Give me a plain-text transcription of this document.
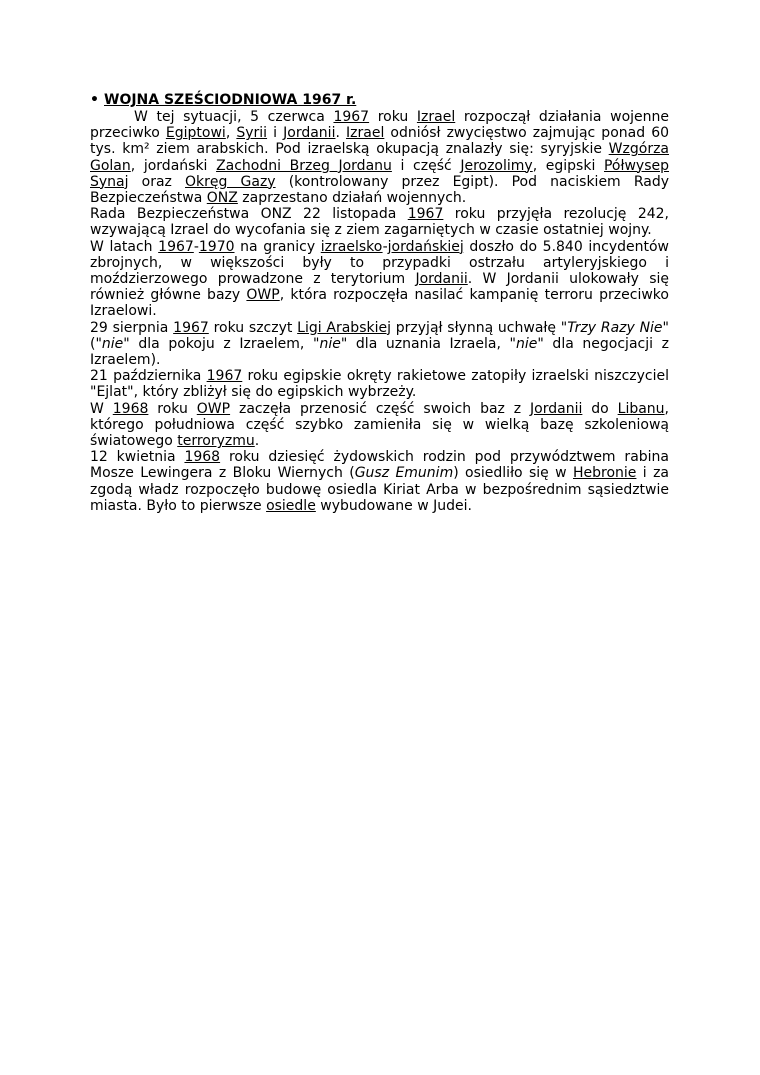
• WOJNA SZEŚCIODNIOWA 1967 r.

W tej sytuacji, 5 czerwca 1967 roku Izrael rozpoczął działania wojenne przeciwko Egiptowi, Syrii i Jordanii. Izrael odniósł zwycięstwo zajmując ponad 60 tys. km² ziem arabskich. Pod izraelską okupacją znalazły się: syryjskie Wzgórza Golan, jordański Zachodni Brzeg Jordanu i część Jerozolimy, egipski Półwysep Synaj oraz Okręg Gazy (kontrolowany przez Egipt). Pod naciskiem Rady Bezpieczeństwa ONZ zaprzestano działań wojennych.

Rada Bezpieczeństwa ONZ 22 listopada 1967 roku przyjęła rezolucję 242, wzywającą Izrael do wycofania się z ziem zagarniętych w czasie ostatniej wojny.

W latach 1967-1970 na granicy izraelsko-jordańskiej doszło do 5.840 incydentów zbrojnych, w większości były to przypadki ostrzału artyleryjskiego i moździerzowego prowadzone z terytorium Jordanii. W Jordanii ulokowały się również główne bazy OWP, która rozpoczęła nasilać kampanię terroru przeciwko Izraelowi.

29 sierpnia 1967 roku szczyt Ligi Arabskiej przyjął słynną uchwałę "Trzy Razy Nie" ("nie" dla pokoju z Izraelem, "nie" dla uznania Izraela, "nie" dla negocjacji z Izraelem).

21 października 1967 roku egipskie okręty rakietowe zatopiły izraelski niszczyciel "Ejlat", który zbliżył się do egipskich wybrzeży.

W 1968 roku OWP zaczęła przenosić część swoich baz z Jordanii do Libanu, którego południowa część szybko zamieniła się w wielką bazę szkoleniową światowego terroryzmu.

12 kwietnia 1968 roku dziesięć żydowskich rodzin pod przywództwem rabina Mosze Lewingera z Bloku Wiernych (Gusz Emunim) osiedliło się w Hebronie i za zgodą władz rozpoczęło budowę osiedla Kiriat Arba w bezpośrednim sąsiedztwie miasta. Było to pierwsze osiedle wybudowane w Judei.
